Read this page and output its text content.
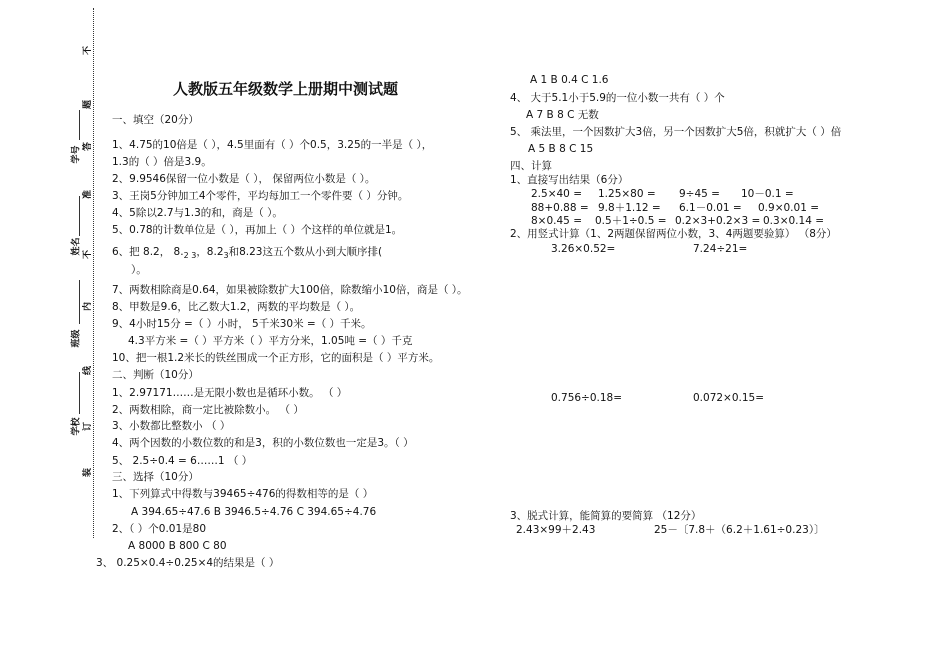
不
题
答
准
学号
不
姓名
内
班级
线
订
学校
装
人教版五年级数学上册期中测试题
一、填空（20分）
1、4.75的10倍是（ ），4.5里面有（ ）个0.5，3.25的一半是（ ），
1.3的（ ）倍是3.9。
2、9.9546保留一位小数是（ ）， 保留两位小数是（ ）。
3、王岗5分钟加工4个零件，平均每加工一个零件要（ ）分钟。
4、5除以2.7与1.3的和，商是（ ）。
5、0.78的计数单位是（ ），再加上（ ）个这样的单位就是1。
6、把 8.2， $8._{2 3}$，$8.2_3$和8.23这五个数从小到大顺序排(
）。
7、两数相除商是0.64，如果被除数扩大100倍，除数缩小10倍，商是（ ）。
8、甲数是9.6，比乙数大1.2，两数的平均数是（ ）。
9、4小时15分 =（ ）小时， 5千米30米 =（ ）千米。
4.3平方米 =（ ）平方米（ ）平方分米，1.05吨 =（ ）千克
10、把一根1.2米长的铁丝围成一个正方形，它的面积是（ ）平方米。
二、判断（10分）
1、2.97171……是无限小数也是循环小数。 （ ）
2、两数相除，商一定比被除数小。 （ ）
3、小数都比整数小 （ ）
4、两个因数的小数位数的和是3，积的小数位数也一定是3。（ ）
5、 2.5÷0.4 = 6……1 （ ）
三、选择（10分）
1、下列算式中得数与39465÷476的得数相等的是（ ）
A 394.65÷47.6 B 3946.5÷4.76 C 394.65÷4.76
2、（ ）个0.01是80
A 8000 B 800 C 80
3、 0.25×0.4÷0.25×4的结果是（ ）
A 1 B 0.4 C 1.6
4、 大于5.1小于5.9的一位小数一共有（ ）个
A 7 B 8 C 无数
5、 乘法里，一个因数扩大3倍，另一个因数扩大5倍，积就扩大（ ）倍
A 5 B 8 C 15
四、计算
1、直接写出结果（6分）
2.5×40 = 1.25×80 = 9÷45 = 10－0.1 =
88+0.88 = 9.8＋1.12 = 6.1－0.01 = 0.9×0.01 =
8×0.45 = 0.5＋1÷0.5 = 0.2×3+0.2×3 = 0.3×0.14 =
2、用竖式计算（1、2两题保留两位小数，3、4两题要验算） （8分）
3.26×0.52=	7.24÷21=
0.756÷0.18=	0.072×0.15=
3、脱式计算，能简算的要简算 （12分）
2.43×99＋2.43	25－〔7.8＋（6.2＋1.61÷0.23）〕
